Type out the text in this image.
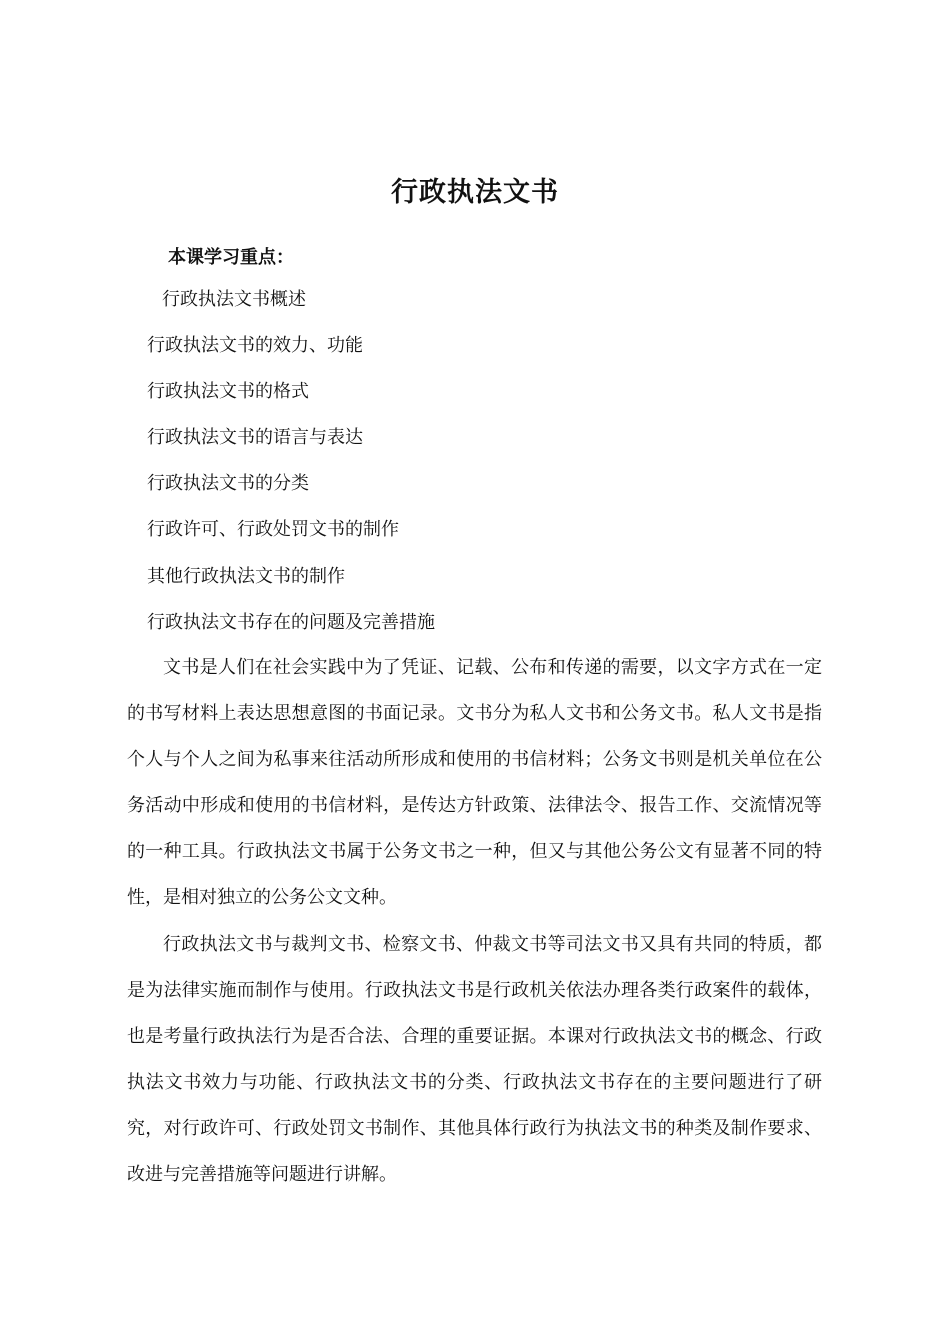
行政执法文书
本课学习重点：
行政执法文书概述
行政执法文书的效力、功能
行政执法文书的格式
行政执法文书的语言与表达
行政执法文书的分类
行政许可、行政处罚文书的制作
其他行政执法文书的制作
行政执法文书存在的问题及完善措施

文书是人们在社会实践中为了凭证、记载、公布和传递的需要，以文字方式在一定的书写材料上表达思想意图的书面记录。文书分为私人文书和公务文书。私人文书是指个人与个人之间为私事来往活动所形成和使用的书信材料；公务文书则是机关单位在公务活动中形成和使用的书信材料，是传达方针政策、法律法令、报告工作、交流情况等的一种工具。行政执法文书属于公务文书之一种，但又与其他公务公文有显著不同的特性，是相对独立的公务公文文种。

行政执法文书与裁判文书、检察文书、仲裁文书等司法文书又具有共同的特质，都是为法律实施而制作与使用。行政执法文书是行政机关依法办理各类行政案件的载体，也是考量行政执法行为是否合法、合理的重要证据。本课对行政执法文书的概念、行政执法文书效力与功能、行政执法文书的分类、行政执法文书存在的主要问题进行了研究，对行政许可、行政处罚文书制作、其他具体行政行为执法文书的种类及制作要求、改进与完善措施等问题进行讲解。
